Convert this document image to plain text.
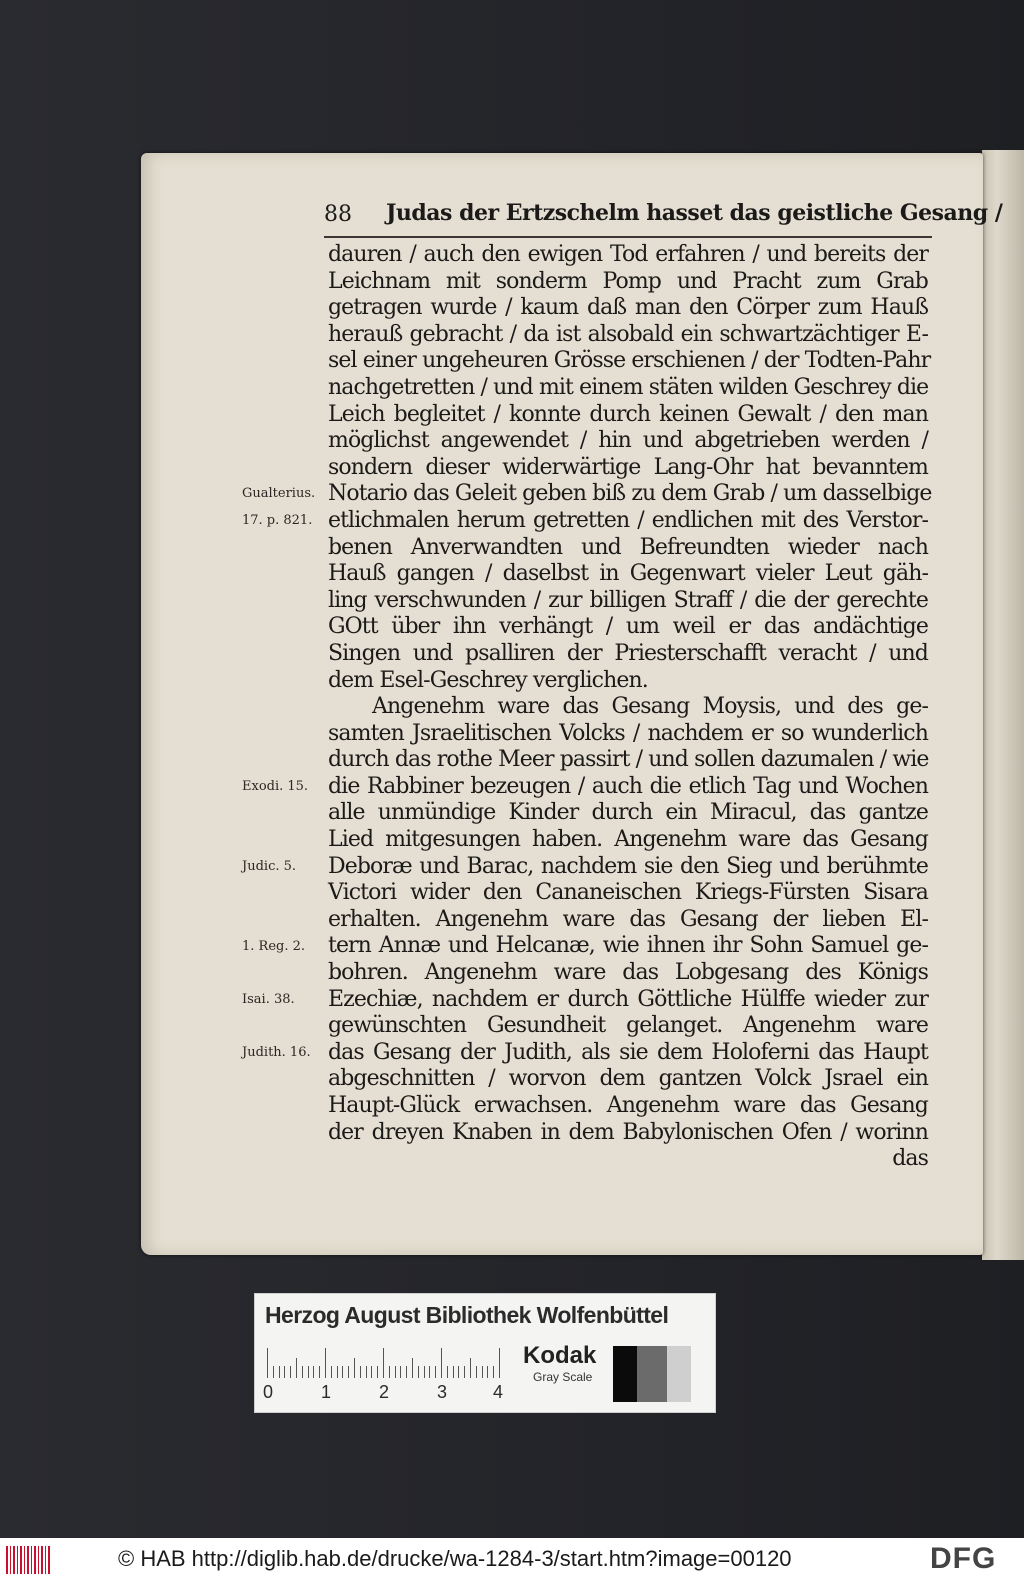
88 Judas der Ertzschelm hasset das geistliche Gesang /
dauren / auch den ewigen Tod erfahren / und bereits der
Leichnam mit sonderm Pomp und Pracht zum Grab
getragen wurde / kaum daß man den Cörper zum Hauß
herauß gebracht / da ist alsobald ein schwartzächtiger E-
sel einer ungeheuren Grösse erschienen / der Todten-Pahr
nachgetretten / und mit einem stäten wilden Geschrey die
Leich begleitet / konnte durch keinen Gewalt / den man
möglichst angewendet / hin und abgetrieben werden /
sondern dieser widerwärtige Lang-Ohr hat bevanntem
Notario das Geleit geben biß zu dem Grab / um dasselbige
etlichmalen herum getretten / endlichen mit des Verstor-
benen Anverwandten und Befreundten wieder nach
Hauß gangen / daselbst in Gegenwart vieler Leut gäh-
ling verschwunden / zur billigen Straff / die der gerechte
GOtt über ihn verhängt / um weil er das andächtige
Singen und psalliren der Priesterschafft veracht / und
dem Esel-Geschrey verglichen.
Angenehm ware das Gesang Moysis, und des ge-
samten Jsraelitischen Volcks / nachdem er so wunderlich
durch das rothe Meer passirt / und sollen dazumalen / wie
die Rabbiner bezeugen / auch die etlich Tag und Wochen
alle unmündige Kinder durch ein Miracul, das gantze
Lied mitgesungen haben. Angenehm ware das Gesang
Deboræ und Barac, nachdem sie den Sieg und berühmte
Victori wider den Cananeischen Kriegs-Fürsten Sisara
erhalten. Angenehm ware das Gesang der lieben El-
tern Annæ und Helcanæ, wie ihnen ihr Sohn Samuel ge-
bohren. Angenehm ware das Lobgesang des Königs
Ezechiæ, nachdem er durch Göttliche Hülffe wieder zur
gewünschten Gesundheit gelanget. Angenehm ware
das Gesang der Judith, als sie dem Holoferni das Haupt
abgeschnitten / worvon dem gantzen Volck Jsrael ein
Haupt-Glück erwachsen. Angenehm ware das Gesang
der dreyen Knaben in dem Babylonischen Ofen / worinn
das
Gualterius.
17. p. 821.
Exodi. 15.
Judic. 5.
1. Reg. 2.
Isai. 38.
Judith. 16.
Herzog August Bibliothek Wolfenbüttel
0	1	2	3	4
Kodak
Gray Scale
© HAB http://diglib.hab.de/drucke/wa-1284-3/start.htm?image=00120	DFG
